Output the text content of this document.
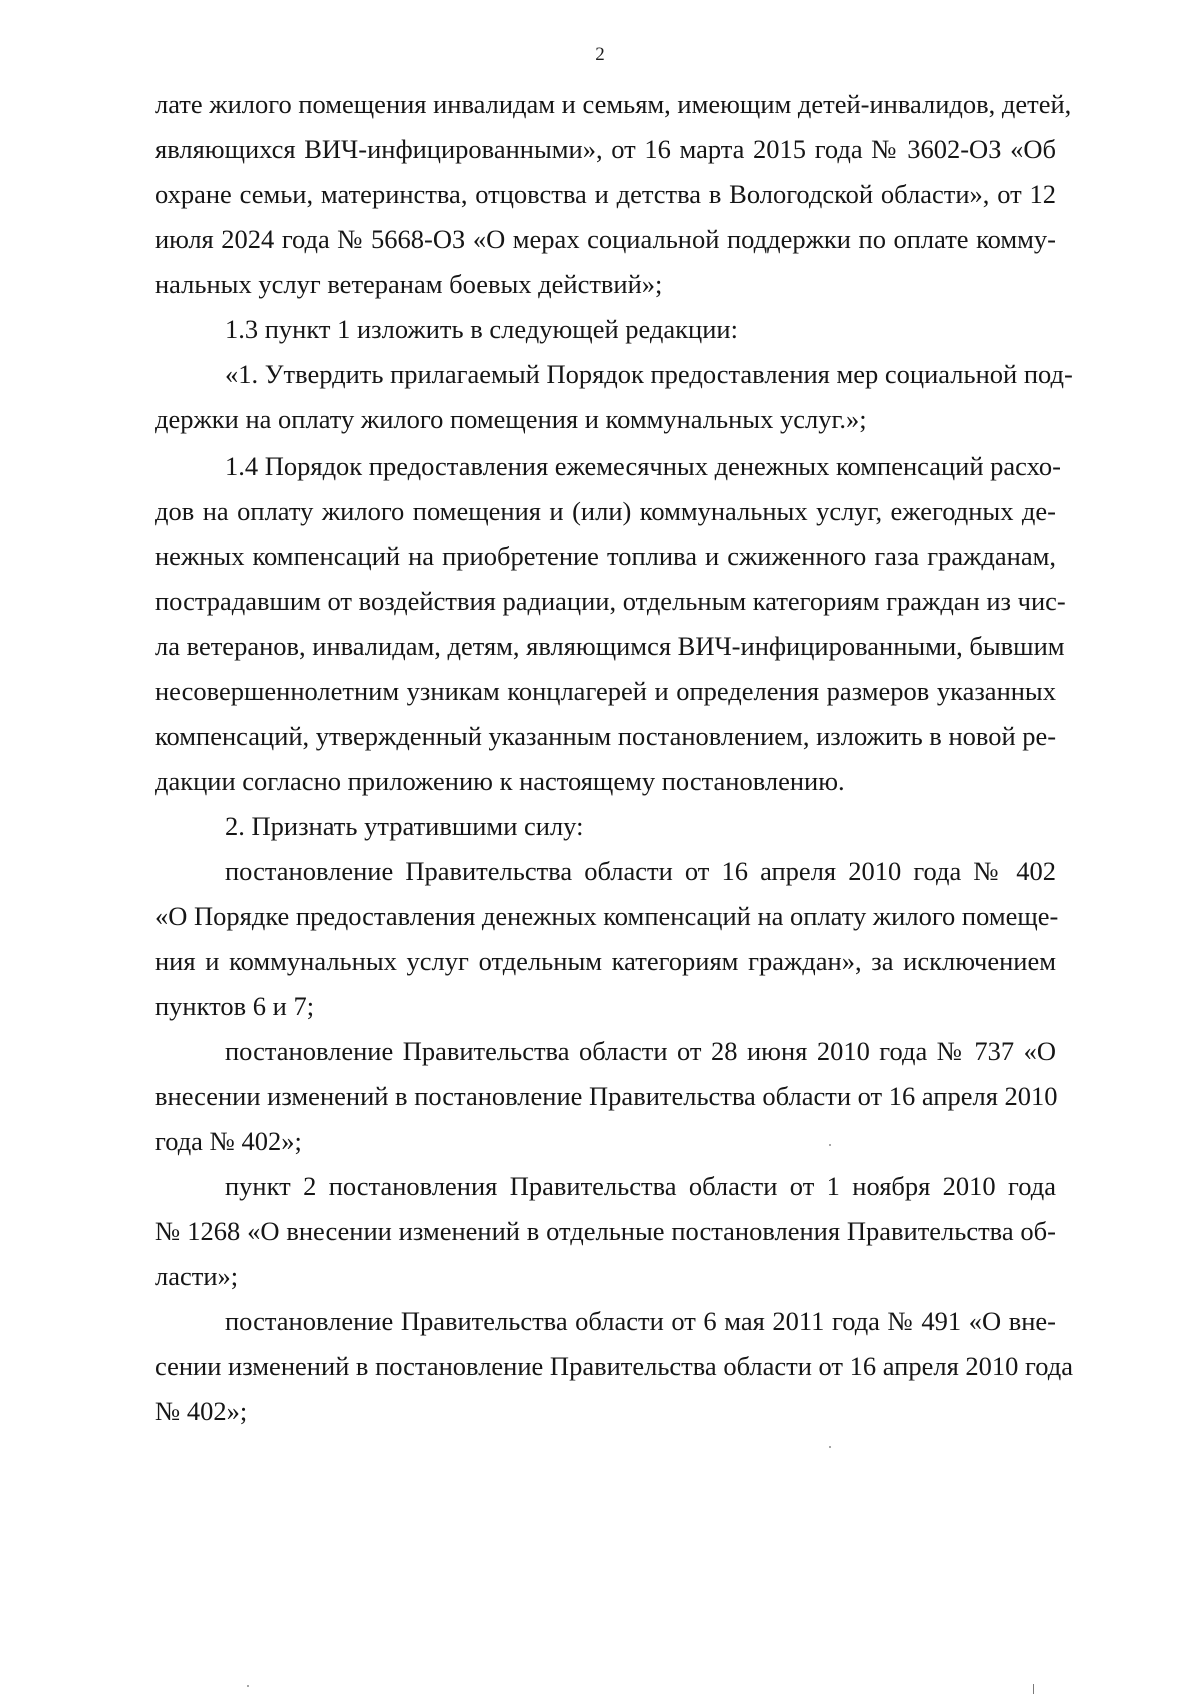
2
лате жилого помещения инвалидам и семьям, имеющим детей-инвалидов, детей,
являющихся ВИЧ-инфицированными», от 16 марта 2015 года № 3602-ОЗ «Об
охране семьи, материнства, отцовства и детства в Вологодской области», от 12
июля 2024 года № 5668-ОЗ «О мерах социальной поддержки по оплате комму-
нальных услуг ветеранам боевых действий»;
1.3 пункт 1 изложить в следующей редакции:
«1. Утвердить прилагаемый Порядок предоставления мер социальной под-
держки на оплату жилого помещения и коммунальных услуг.»;
1.4 Порядок предоставления ежемесячных денежных компенсаций расхо-
дов на оплату жилого помещения и (или) коммунальных услуг, ежегодных де-
нежных компенсаций на приобретение топлива и сжиженного газа гражданам,
пострадавшим от воздействия радиации, отдельным категориям граждан из чис-
ла ветеранов, инвалидам, детям, являющимся ВИЧ-инфицированными, бывшим
несовершеннолетним узникам концлагерей и определения размеров указанных
компенсаций, утвержденный указанным постановлением, изложить в новой ре-
дакции согласно приложению к настоящему постановлению.
2. Признать утратившими силу:
постановление Правительства области от 16 апреля 2010 года № 402
«О Порядке предоставления денежных компенсаций на оплату жилого помеще-
ния и коммунальных услуг отдельным категориям граждан», за исключением
пунктов 6 и 7;
постановление Правительства области от 28 июня 2010 года № 737 «О
внесении изменений в постановление Правительства области от 16 апреля 2010
года № 402»;
пункт 2 постановления Правительства области от 1 ноября 2010 года
№ 1268 «О внесении изменений в отдельные постановления Правительства об-
ласти»;
постановление Правительства области от 6 мая 2011 года № 491 «О вне-
сении изменений в постановление Правительства области от 16 апреля 2010 года
№ 402»;
